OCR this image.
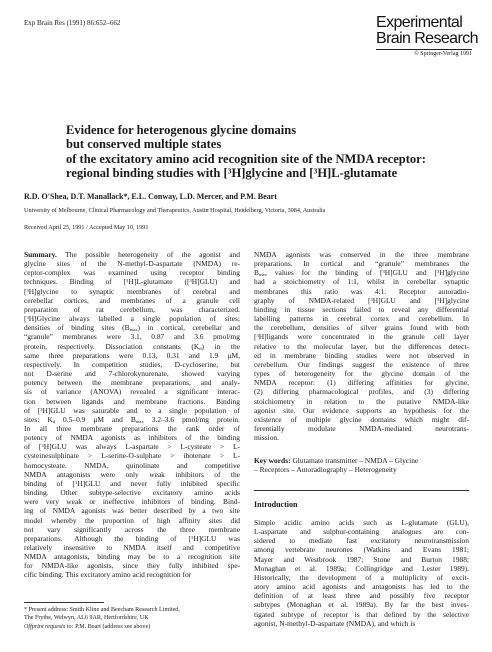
Exp Brain Res (1991) 86:652–662	Experimental
Brain Research
© Springer-Verlag 1991
Evidence for heterogenous glycine domains
but conserved multiple states
of the excitatory amino acid recognition site of the NMDA receptor:
regional binding studies with [$^3$H]glycine and [$^3$H]L-glutamate
R.D. O'Shea, D.T. Manallack*, E.L. Conway, L.D. Mercer, and P.M. Beart
University of Melbourne, Clinical Pharmacology and Therapeutics, Austin Hospital, Heidelberg, Victoria, 3084, Australia
Received April 25, 1991 / Accepted May 10, 1991
Summary. The possible heterogeneity of the agonist and
glycine sites of the N-methyl-D-aspartate (NMDA) re-
ceptor-complex was examined using receptor binding
techniques. Binding of [$^3$H]L-glutamate ([$^3$H]GLU) and
[$^3$H]glycine to synaptic membranes of cerebral and
cerebellar cortices, and membranes of a granule cell
preparation of rat cerebellum, was characterized.
[$^3$H]Glycine always labelled a single population of sites;
densities of binding sites $(B_{max})$ in cortical, cerebellar and
“granule” membranes were 3.1, 0.87 and 3.6 pmol/mg
protein, respectively. Dissociation constants $(K_d)$ in the
same three preparations were 0.13, 0.31 and 1.9 μM,
respectively. In competition studies, D-cycloserine, but
not D-serine and 7-chlorokynurenate, showed varying
potency between the membrane preparations, and analy-
sis of variance (ANOVA) revealed a significant interac-
tion between ligands and membrane fractions. Binding
of [$^3$H]GLU was saturable and to a single population of
sites: $K_d$ 0.5–0.9 μM and $B_{max}$ 3.2–3.6 pmol/mg protein.
In all three membrane preparations the rank order of
potency of NMDA agonists as inhibitors of the binding
of [$^3$H]GLU was always L-aspartate > L-cysteate > L-
cysteinesulphinate > L-serine-O-sulphate > ibotenate > L-
homocysteate. NMDA, quinolinate and competitive
NMDA antagonists were only weak inhibitors of the
binding of [$^3$H]GLU and never fully inhibited specific
binding. Other subtype-selective excitatory amino acids
were very weak or ineffective inhibitors of binding. Bind-
ing of NMDA agonists was better described by a two site
model whereby the proportion of high affinity sites did
not vary significantly across the three membrane
preparations. Although the binding of [$^3$H]GLU was
relatively insensitive to NMDA itself and competitive
NMDA antagonists, binding may be to a recognition site
for NMDA-like agonists, since they fully inhibited spe-
cific binding. This excitatory amino acid recognition for
* Present address: Smith Kline and Beecham Research Limited,
The Frythe, Welwyn, AL6 9AR, Hertfordshire, UK
Offprint requests to: P.M. Beart (address see above)
NMDA agonists was conserved in the three membrane
preparations. In cortical and “granule” membranes the
$B_{max}$ values for the binding of [$^3$H]GLU and [$^3$H]glycine
had a stoichiometry of 1:1, whilst in cerebellar synaptic
membranes this ratio was 4:1. Receptor autoradio-
graphy of NMDA-related [$^3$H]GLU and [$^3$H]glycine
binding in tissue sections failed to reveal any differential
labelling patterns in cerebral cortex and cerebellum. In
the cerebellum, densities of silver grains found with both
[$^3$H]ligands were concentrated in the granule cell layer
relative to the molecular layer, but the differences detect-
ed in membrane binding studies were not observed in
cerebellum. Our findings suggest the existence of three
types of heterogeneity for the glycine domain of the
NMDA receptor: (1) differing affinities for glycine,
(2) differing pharmacological profiles, and (3) differing
stoichiometry in relation to the putative NMDA-like
agonist site. Our evidence supports an hypothesis for the
existence of multiple glycine domains which might dif-
ferentially modulate NMDA-mediated neurotrans-
mission.
Key words: Glutamate transmitter – NMDA – Glycine
– Receptors – Autoradiography – Heterogeneity
Introduction
Simple acidic amino acids such as L-glutamate (GLU),
L-aspartate and sulphur-containing analogues are con-
sidered to mediate fast excitatory neurotransmission
among vertebrate neurones (Watkins and Evans 1981;
Mayer and Westbrook 1987; Stone and Burton 1988;
Monaghan et al. 1989a; Collingridge and Lester 1989).
Historically, the development of a multiplicity of excit-
atory amino acid agonists and antagonists has led to the
definition of at least three and possibly five receptor
subtypes (Monaghan et al. 1989a). By far the best inves-
tigated subtype of receptor is that defined by the selective
agonist, N-methyl-D-aspartate (NMDA), and which is
